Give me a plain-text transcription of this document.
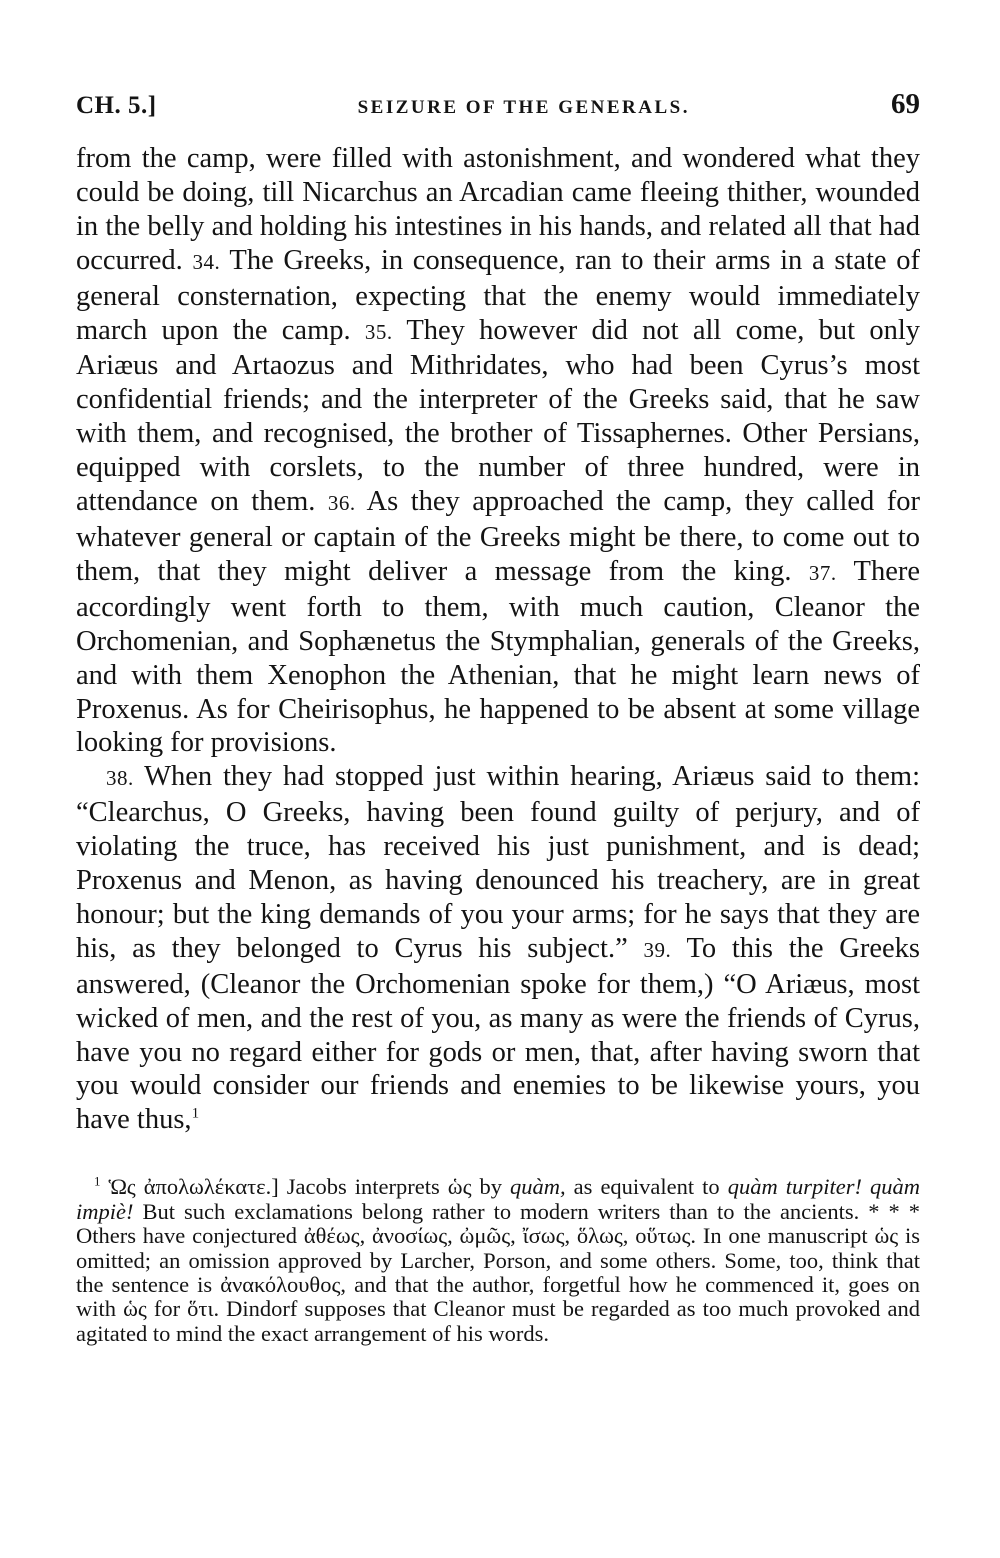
CH. 5.]	SEIZURE OF THE GENERALS.	69

from the camp, were filled with astonishment, and wondered what they could be doing, till Nicarchus an Arcadian came fleeing thither, wounded in the belly and holding his intestines in his hands, and related all that had occurred. 34. The Greeks, in consequence, ran to their arms in a state of general consternation, expecting that the enemy would immediately march upon the camp. 35. They however did not all come, but only Ariæus and Artaozus and Mithridates, who had been Cyrus’s most confidential friends; and the interpreter of the Greeks said, that he saw with them, and recognised, the brother of Tissaphernes. Other Persians, equipped with corslets, to the number of three hundred, were in attendance on them. 36. As they approached the camp, they called for whatever general or captain of the Greeks might be there, to come out to them, that they might deliver a message from the king. 37. There accordingly went forth to them, with much caution, Cleanor the Orchomenian, and Sophænetus the Stymphalian, generals of the Greeks, and with them Xenophon the Athenian, that he might learn news of Proxenus. As for Cheirisophus, he happened to be absent at some village looking for provisions.

38. When they had stopped just within hearing, Ariæus said to them: “Clearchus, O Greeks, having been found guilty of perjury, and of violating the truce, has received his just punishment, and is dead; Proxenus and Menon, as having denounced his treachery, are in great honour; but the king demands of you your arms; for he says that they are his, as they belonged to Cyrus his subject.” 39. To this the Greeks answered, (Cleanor the Orchomenian spoke for them,) “O Ariæus, most wicked of men, and the rest of you, as many as were the friends of Cyrus, have you no regard either for gods or men, that, after having sworn that you would consider our friends and enemies to be likewise yours, you have thus,$^1$

$^1$ Ὡς ἀπολωλέκατε.] Jacobs interprets ὡς by quàm, as equivalent to quàm turpiter! quàm impiè! But such exclamations belong rather to modern writers than to the ancients. * * * Others have conjectured ἀθέως, ἀνοσίως, ὠμῶς, ἴσως, ὅλως, οὕτως. In one manuscript ὡς is omitted; an omission approved by Larcher, Porson, and some others. Some, too, think that the sentence is ἀνακόλουθος, and that the author, forgetful how he commenced it, goes on with ὡς for ὅτι. Dindorf supposes that Cleanor must be regarded as too much provoked and agitated to mind the exact arrangement of his words.
